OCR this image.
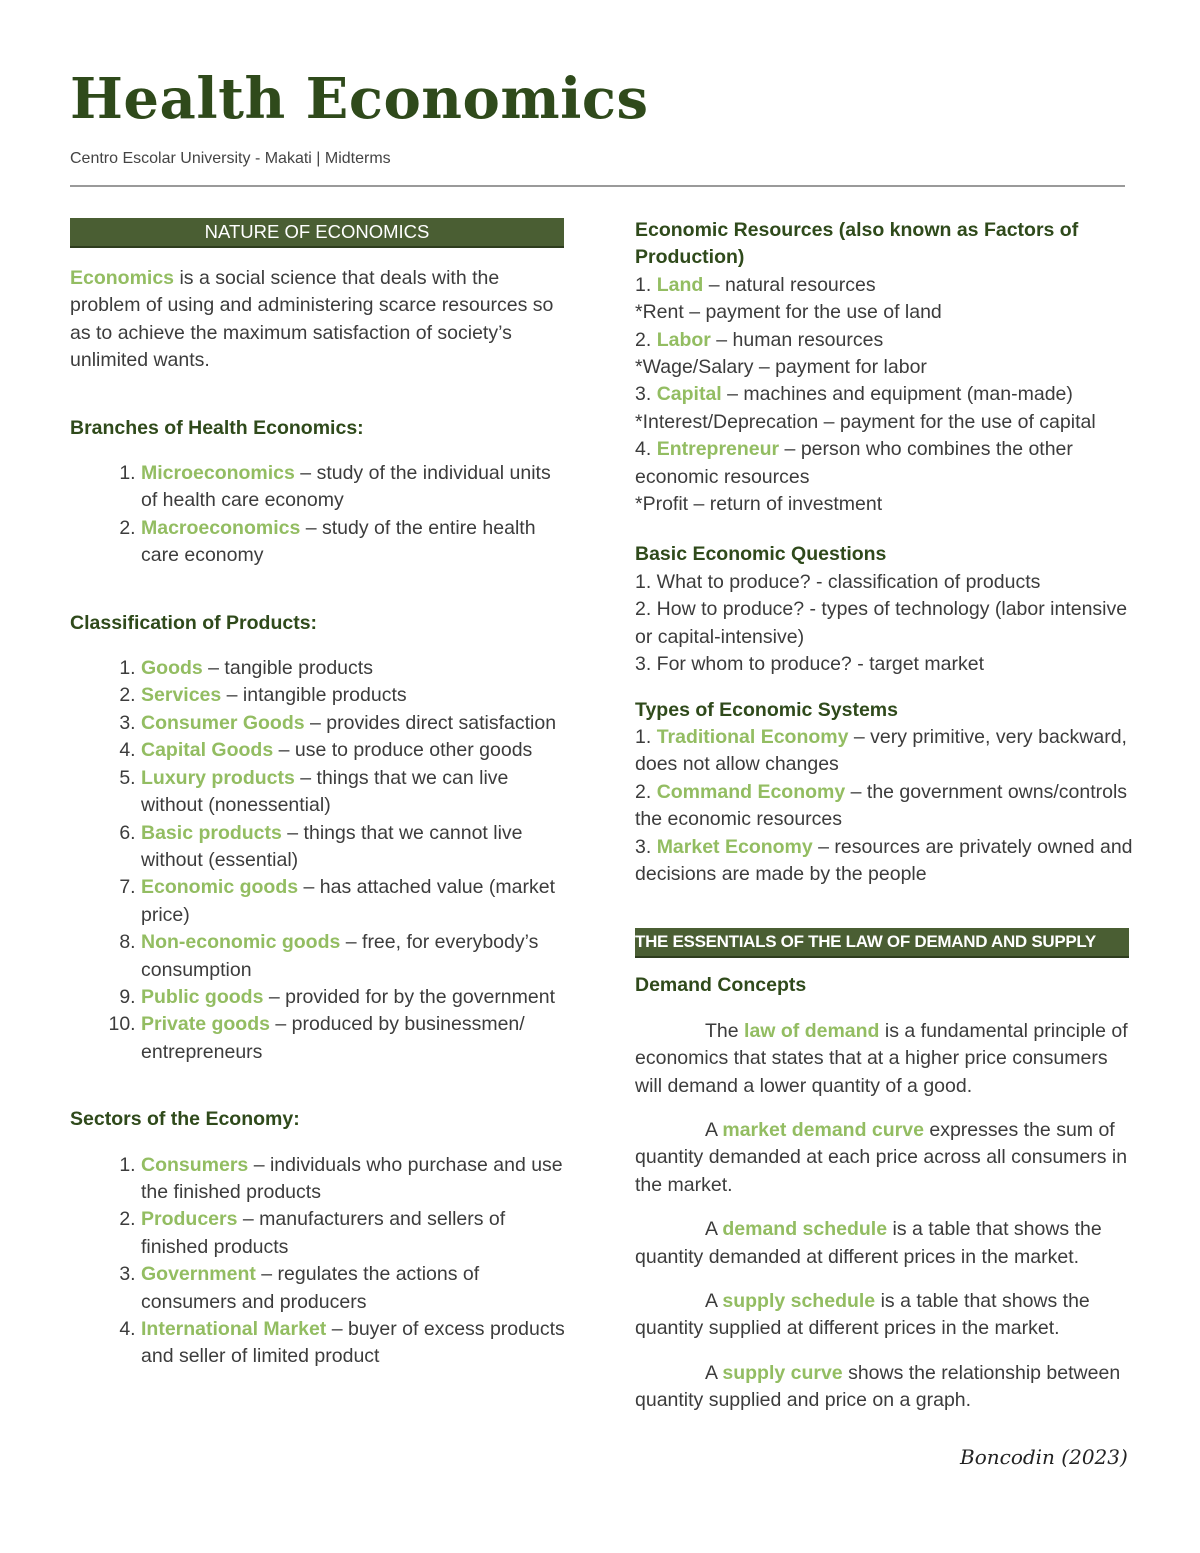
Health Economics
Centro Escolar University - Makati | Midterms
NATURE OF ECONOMICS

Economics is a social science that deals with the problem of using and administering scarce resources so as to achieve the maximum satisfaction of society’s unlimited wants.

Branches of Health Economics:

1. Microeconomics – study of the individual units of health care economy
2. Macroeconomics – study of the entire health care economy

Classification of Products:

1. Goods – tangible products
2. Services – intangible products
3. Consumer Goods – provides direct satisfaction
4. Capital Goods – use to produce other goods
5. Luxury products – things that we can live without (nonessential)
6. Basic products – things that we cannot live without (essential)
7. Economic goods – has attached value (market price)
8. Non-economic goods – free, for everybody’s consumption
9. Public goods – provided for by the government
10. Private goods – produced by businessmen/ entrepreneurs

Sectors of the Economy:

1. Consumers – individuals who purchase and use the finished products
2. Producers – manufacturers and sellers of finished products
3. Government – regulates the actions of consumers and producers
4. International Market – buyer of excess products and seller of limited product

Economic Resources (also known as Factors of Production)

1. Land – natural resources

*Rent – payment for the use of land

2. Labor – human resources

*Wage/Salary – payment for labor

3. Capital – machines and equipment (man-made)

*Interest/Deprecation – payment for the use of capital

4. Entrepreneur – person who combines the other economic resources

*Profit – return of investment

Basic Economic Questions

1. What to produce? - classification of products

2. How to produce? - types of technology (labor intensive or capital-intensive)

3. For whom to produce? - target market

Types of Economic Systems

1. Traditional Economy – very primitive, very backward, does not allow changes

2. Command Economy – the government owns/controls the economic resources

3. Market Economy – resources are privately owned and decisions are made by the people

THE ESSENTIALS OF THE LAW OF DEMAND AND SUPPLY

Demand Concepts

The law of demand is a fundamental principle of economics that states that at a higher price consumers will demand a lower quantity of a good.

A market demand curve expresses the sum of quantity demanded at each price across all consumers in the market.

A demand schedule is a table that shows the quantity demanded at different prices in the market.

A supply schedule is a table that shows the quantity supplied at different prices in the market.

A supply curve shows the relationship between quantity supplied and price on a graph.

Boncodin (2023)
